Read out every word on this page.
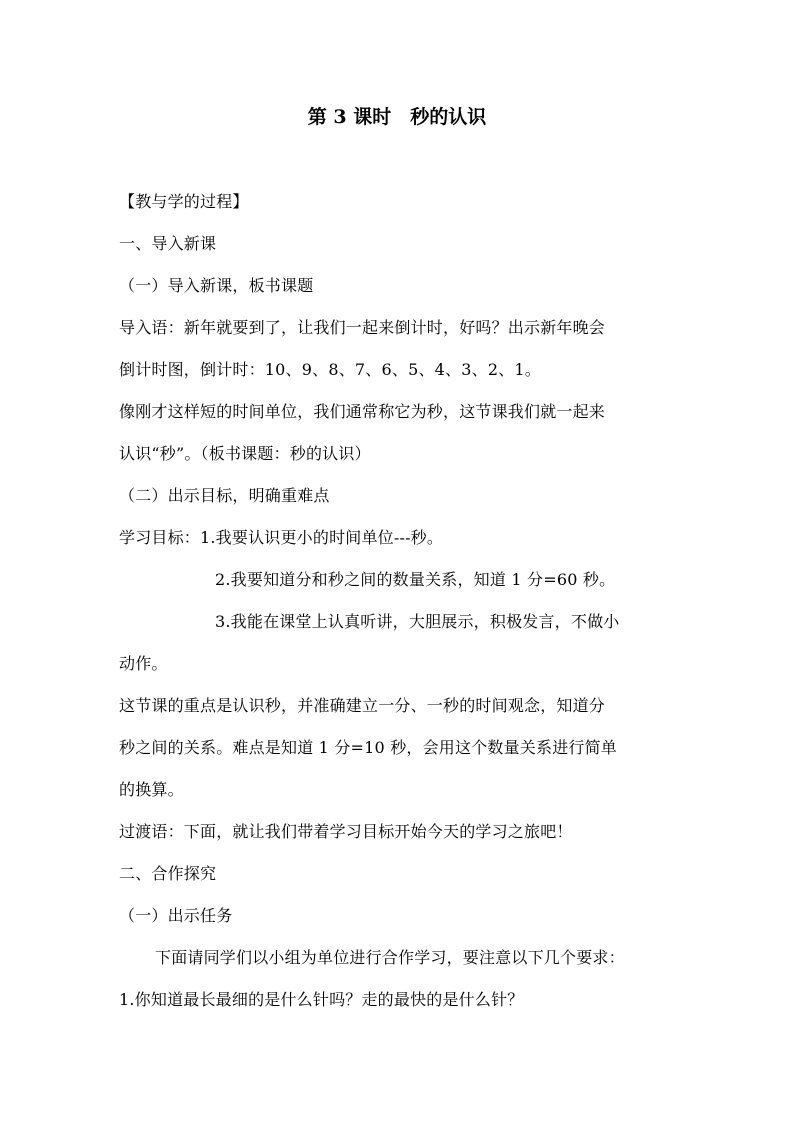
第 3 课时　秒的认识
【教与学的过程】
一、导入新课
（一）导入新课，板书课题
导入语：新年就要到了，让我们一起来倒计时，好吗？出示新年晚会
倒计时图，倒计时：10、9、8、7、6、5、4、3、2、1。
像刚才这样短的时间单位，我们通常称它为秒，这节课我们就一起来
认识“秒”。（板书课题：秒的认识）
（二）出示目标，明确重难点
学习目标：1.我要认识更小的时间单位---秒。
2.我要知道分和秒之间的数量关系，知道 1 分=60 秒。
3.我能在课堂上认真听讲，大胆展示，积极发言，不做小
动作。
这节课的重点是认识秒，并准确建立一分、一秒的时间观念，知道分
秒之间的关系。难点是知道 1 分=10 秒，会用这个数量关系进行简单
的换算。
过渡语：下面，就让我们带着学习目标开始今天的学习之旅吧！
二、合作探究
（一）出示任务
下面请同学们以小组为单位进行合作学习，要注意以下几个要求：
1.你知道最长最细的是什么针吗？走的最快的是什么针？
